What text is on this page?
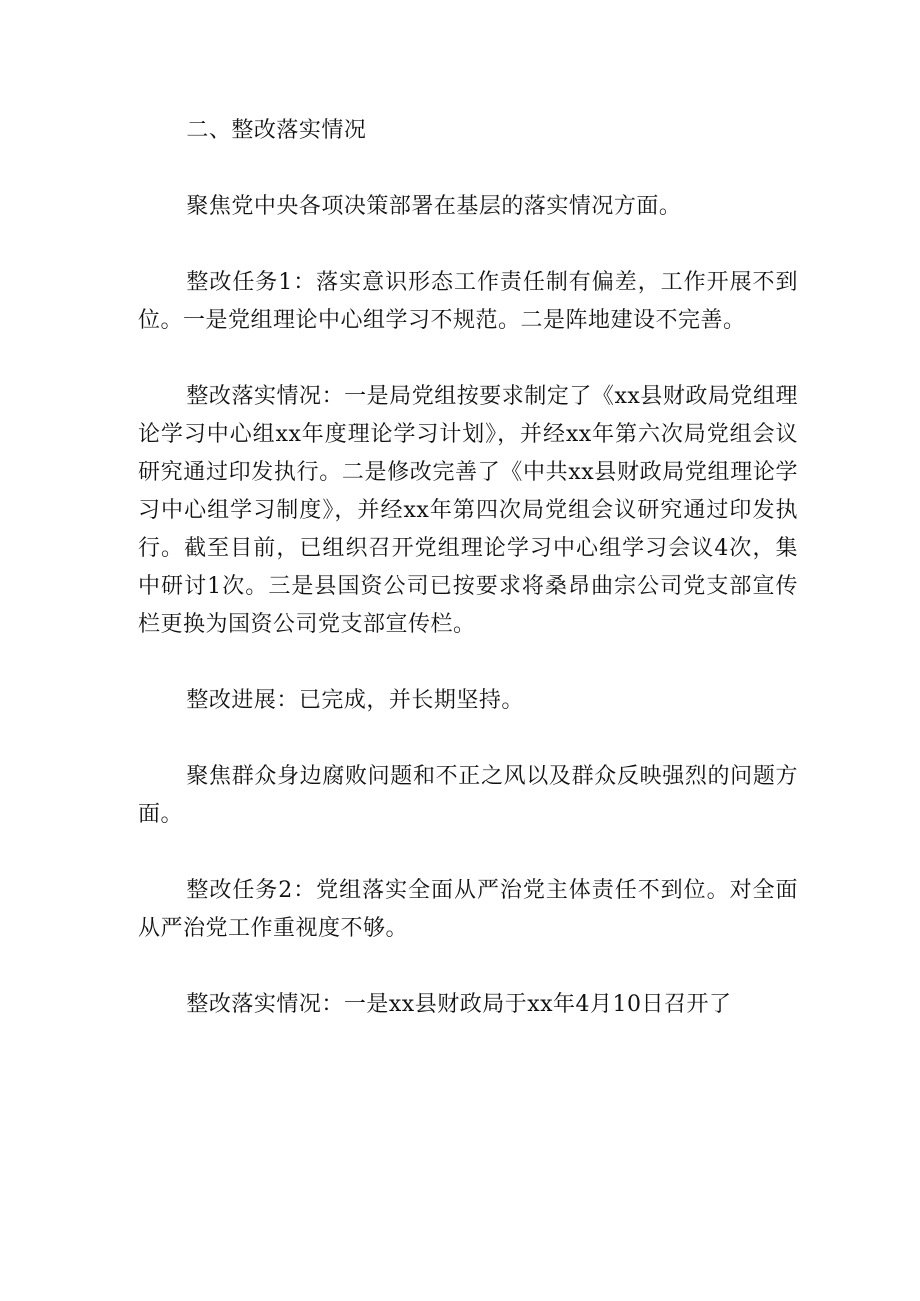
二、整改落实情况

聚焦党中央各项决策部署在基层的落实情况方面。

整改任务1：落实意识形态工作责任制有偏差，工作开展不到位。一是党组理论中心组学习不规范。二是阵地建设不完善。

整改落实情况：一是局党组按要求制定了《xx县财政局党组理论学习中心组xx年度理论学习计划》，并经xx年第六次局党组会议研究通过印发执行。二是修改完善了《中共xx县财政局党组理论学习中心组学习制度》，并经xx年第四次局党组会议研究通过印发执行。截至目前，已组织召开党组理论学习中心组学习会议4次，集中研讨1次。三是县国资公司已按要求将桑昂曲宗公司党支部宣传栏更换为国资公司党支部宣传栏。

整改进展：已完成，并长期坚持。

聚焦群众身边腐败问题和不正之风以及群众反映强烈的问题方面。

整改任务2：党组落实全面从严治党主体责任不到位。对全面从严治党工作重视度不够。

整改落实情况：一是xx县财政局于xx年4月10日召开了
